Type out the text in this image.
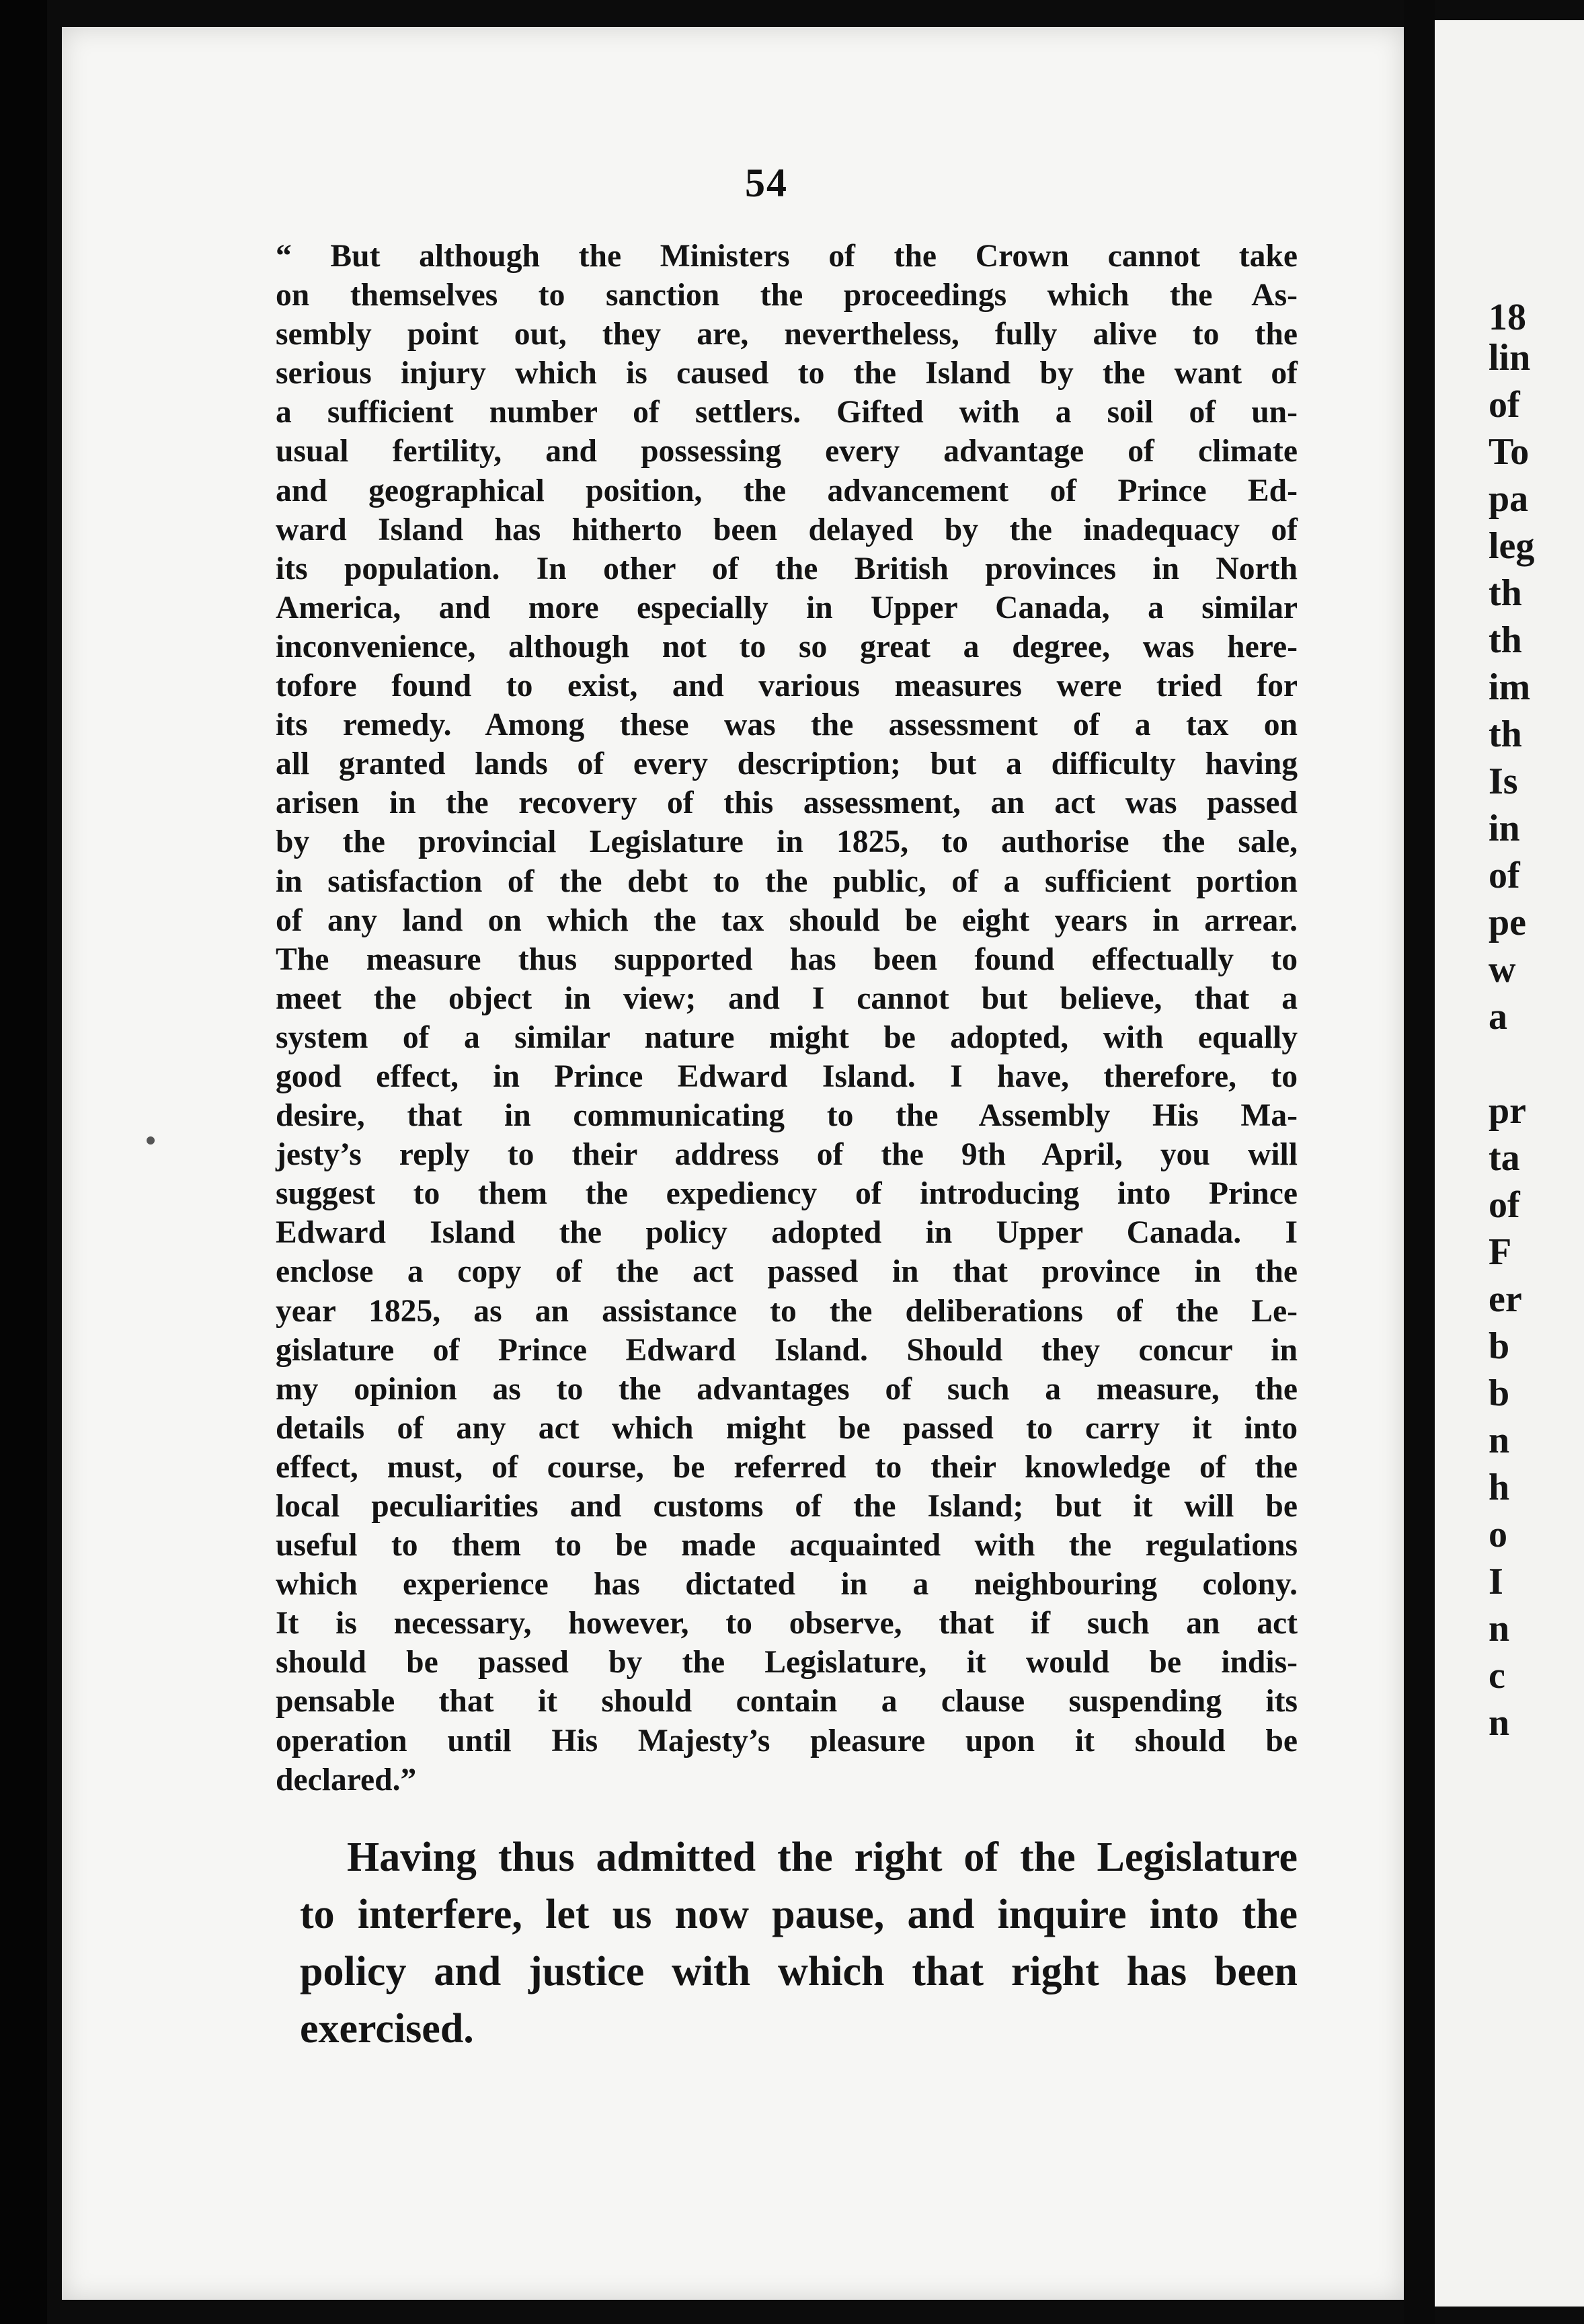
54
“ But although the Ministers of the Crown cannot take
on themselves to sanction the proceedings which the As-
sembly point out, they are, nevertheless, fully alive to the
serious injury which is caused to the Island by the want of
a sufficient number of settlers. Gifted with a soil of un-
usual fertility, and possessing every advantage of climate
and geographical position, the advancement of Prince Ed-
ward Island has hitherto been delayed by the inadequacy of
its population. In other of the British provinces in North
America, and more especially in Upper Canada, a similar
inconvenience, although not to so great a degree, was here-
tofore found to exist, and various measures were tried for
its remedy. Among these was the assessment of a tax on
all granted lands of every description; but a difficulty having
arisen in the recovery of this assessment, an act was passed
by the provincial Legislature in 1825, to authorise the sale,
in satisfaction of the debt to the public, of a sufficient portion
of any land on which the tax should be eight years in arrear.
The measure thus supported has been found effectually to
meet the object in view; and I cannot but believe, that a
system of a similar nature might be adopted, with equally
good effect, in Prince Edward Island. I have, therefore, to
desire, that in communicating to the Assembly His Ma-
jesty’s reply to their address of the 9th April, you will
suggest to them the expediency of introducing into Prince
Edward Island the policy adopted in Upper Canada. I
enclose a copy of the act passed in that province in the
year 1825, as an assistance to the deliberations of the Le-
gislature of Prince Edward Island. Should they concur in
my opinion as to the advantages of such a measure, the
details of any act which might be passed to carry it into
effect, must, of course, be referred to their knowledge of the
local peculiarities and customs of the Island; but it will be
useful to them to be made acquainted with the regulations
which experience has dictated in a neighbouring colony.
It is necessary, however, to observe, that if such an act
should be passed by the Legislature, it would be indis-
pensable that it should contain a clause suspending its
operation until His Majesty’s pleasure upon it should be
declared.”
Having thus admitted the right of the Legislature
to interfere, let us now pause, and inquire into the
policy and justice with which that right has been
exercised.
18
lin
of
To
pa
leg
th
th
im
th
Is
in
of
pe
w
a
pr
ta
of
F
er
b
b
n
h
o
I
n
c
n
